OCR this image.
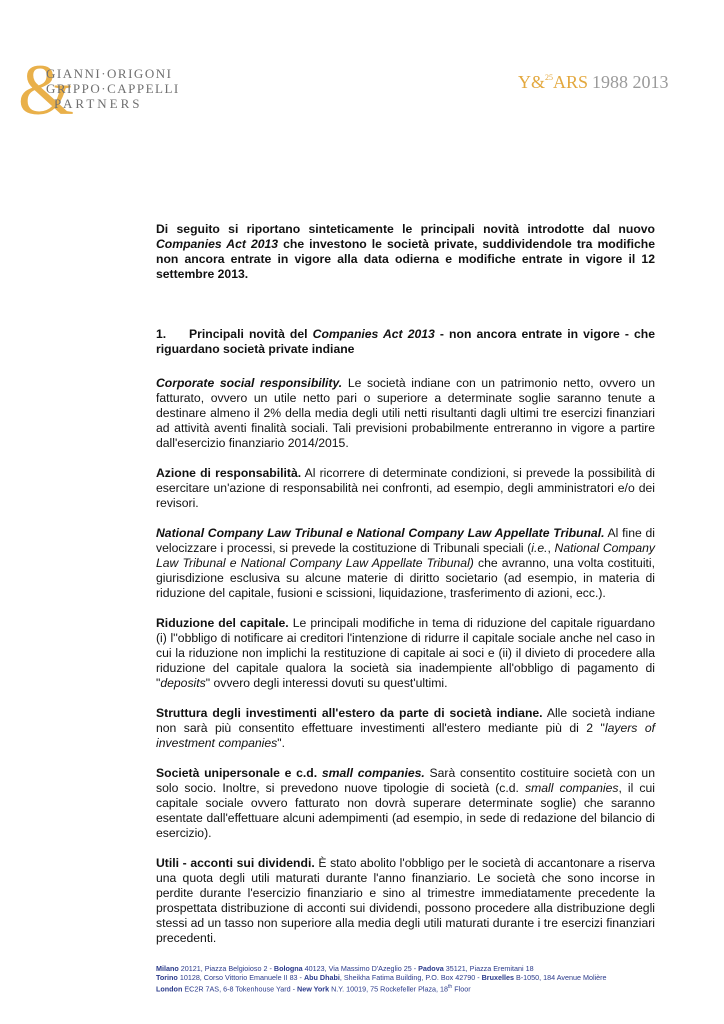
&
GIANNI·ORIGONI
GRIPPO·CAPPELLI
PARTNERS
Y&$^{25}$ARS 1988 2013

Di seguito si riportano sinteticamente le principali novità introdotte dal nuovo Companies Act 2013 che investono le società private, suddividendole tra modifiche non ancora entrate in vigore alla data odierna e modifiche entrate in vigore il 12 settembre 2013.

1. Principali novità del Companies Act 2013 - non ancora entrate in vigore - che riguardano società private indiane

Corporate social responsibility. Le società indiane con un patrimonio netto, ovvero un fatturato, ovvero un utile netto pari o superiore a determinate soglie saranno tenute a destinare almeno il 2% della media degli utili netti risultanti dagli ultimi tre esercizi finanziari ad attività aventi finalità sociali. Tali previsioni probabilmente entreranno in vigore a partire dall'esercizio finanziario 2014/2015.

Azione di responsabilità. Al ricorrere di determinate condizioni, si prevede la possibilità di esercitare un'azione di responsabilità nei confronti, ad esempio, degli amministratori e/o dei revisori.

National Company Law Tribunal e National Company Law Appellate Tribunal. Al fine di velocizzare i processi, si prevede la costituzione di Tribunali speciali (i.e., National Company Law Tribunal e National Company Law Appellate Tribunal) che avranno, una volta costituiti, giurisdizione esclusiva su alcune materie di diritto societario (ad esempio, in materia di riduzione del capitale, fusioni e scissioni, liquidazione, trasferimento di azioni, ecc.).

Riduzione del capitale. Le principali modifiche in tema di riduzione del capitale riguardano (i) l''obbligo di notificare ai creditori l'intenzione di ridurre il capitale sociale anche nel caso in cui la riduzione non implichi la restituzione di capitale ai soci e (ii) il divieto di procedere alla riduzione del capitale qualora la società sia inadempiente all'obbligo di pagamento di "deposits" ovvero degli interessi dovuti su quest'ultimi.

Struttura degli investimenti all'estero da parte di società indiane. Alle società indiane non sarà più consentito effettuare investimenti all'estero mediante più di 2 "layers of investment companies".

Società unipersonale e c.d. small companies. Sarà consentito costituire società con un solo socio. Inoltre, si prevedono nuove tipologie di società (c.d. small companies, il cui capitale sociale ovvero fatturato non dovrà superare determinate soglie) che saranno esentate dall'effettuare alcuni adempimenti (ad esempio, in sede di redazione del bilancio di esercizio).

Utili - acconti sui dividendi. È stato abolito l'obbligo per le società di accantonare a riserva una quota degli utili maturati durante l'anno finanziario. Le società che sono incorse in perdite durante l'esercizio finanziario e sino al trimestre immediatamente precedente la prospettata distribuzione di acconti sui dividendi, possono procedere alla distribuzione degli stessi ad un tasso non superiore alla media degli utili maturati durante i tre esercizi finanziari precedenti.

Milano 20121, Piazza Belgioioso 2 - Bologna 40123, Via Massimo D'Azeglio 25 - Padova 35121, Piazza Eremitani 18
Torino 10128, Corso Vittorio Emanuele II 83 - Abu Dhabi, Sheikha Fatima Building, P.O. Box 42790 - Bruxelles B-1050, 184 Avenue Molière
London EC2R 7AS, 6-8 Tokenhouse Yard - New York N.Y. 10019, 75 Rockefeller Plaza, 18th Floor
